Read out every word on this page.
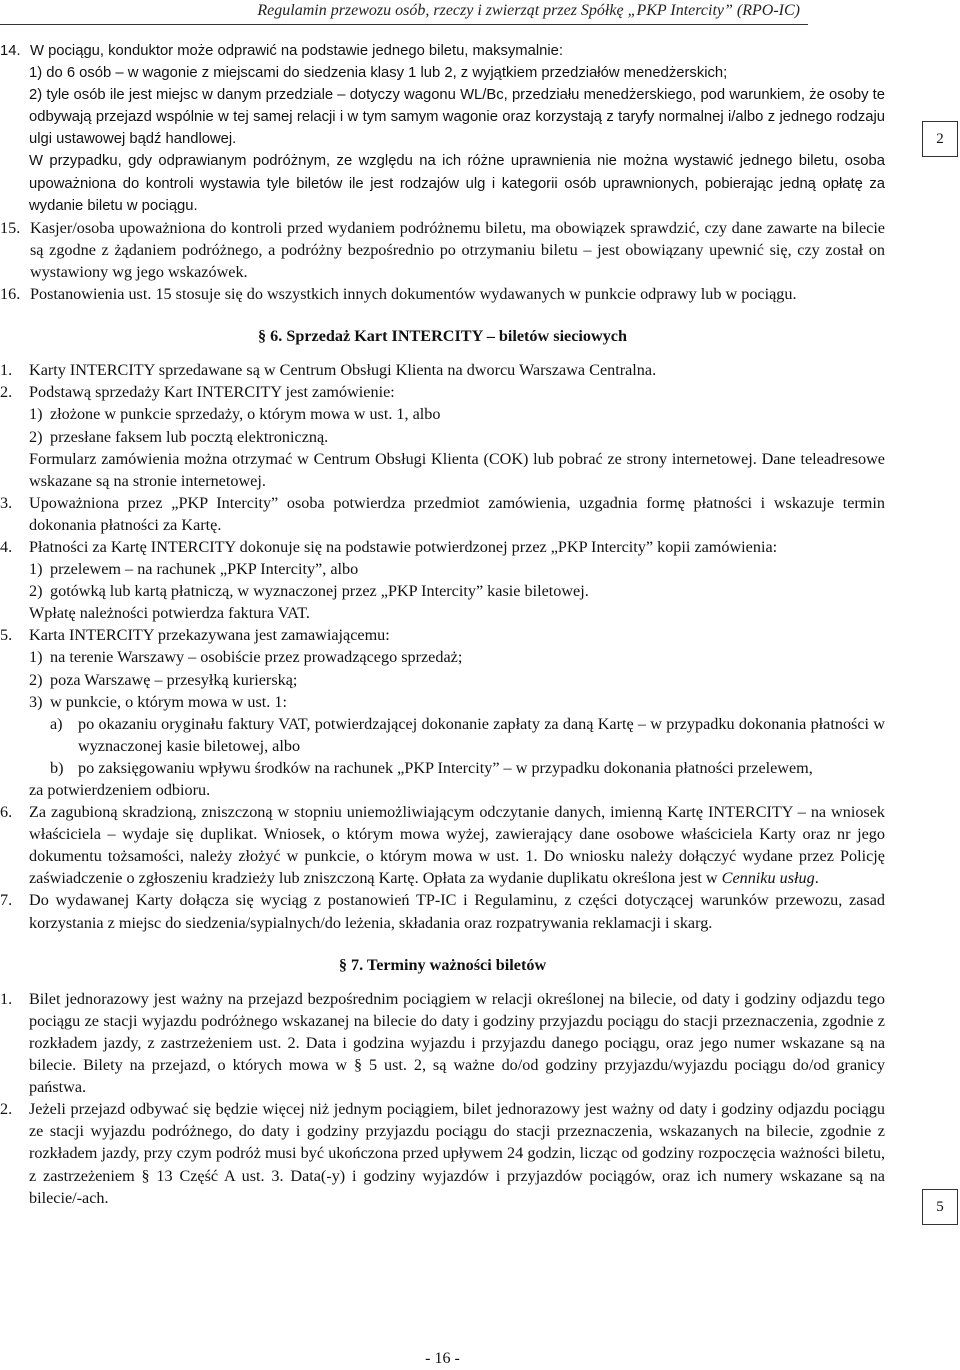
Regulamin przewozu osób, rzeczy i zwierząt przez Spółkę „PKP Intercity” (RPO-IC)
2
5
14. W pociągu, konduktor może odprawić na podstawie jednego biletu, maksymalnie:

1) do 6 osób – w wagonie z miejscami do siedzenia klasy 1 lub 2, z wyjątkiem przedziałów menedżerskich;

2) tyle osób ile jest miejsc w danym przedziale – dotyczy wagonu WL/Bc, przedziału menedżerskiego, pod warunkiem, że osoby te odbywają przejazd wspólnie w tej samej relacji i w tym samym wagonie oraz korzystają z taryfy normalnej i/albo z jednego rodzaju ulgi ustawowej bądź handlowej.

W przypadku, gdy odprawianym podróżnym, ze względu na ich różne uprawnienia nie można wystawić jednego biletu, osoba upoważniona do kontroli wystawia tyle biletów ile jest rodzajów ulg i kategorii osób uprawnionych, pobierając jedną opłatę za wydanie biletu w pociągu.

15. Kasjer/osoba upoważniona do kontroli przed wydaniem podróżnemu biletu, ma obowiązek sprawdzić, czy dane zawarte na bilecie są zgodne z żądaniem podróżnego, a podróżny bezpośrednio po otrzymaniu biletu – jest obowiązany upewnić się, czy został on wystawiony wg jego wskazówek.
16. Postanowienia ust. 15 stosuje się do wszystkich innych dokumentów wydawanych w punkcie odprawy lub w pociągu.
§ 6. Sprzedaż Kart INTERCITY – biletów sieciowych
1.	Karty INTERCITY sprzedawane są w Centrum Obsługi Klienta na dworcu Warszawa Centralna.
2.	Podstawą sprzedaży Kart INTERCITY jest zamówienie:
1) złożone w punkcie sprzedaży, o którym mowa w ust. 1, albo
2) przesłane faksem lub pocztą elektroniczną.

Formularz zamówienia można otrzymać w Centrum Obsługi Klienta (COK) lub pobrać ze strony internetowej. Dane teleadresowe wskazane są na stronie internetowej.

3.	Upoważniona przez „PKP Intercity” osoba potwierdza przedmiot zamówienia, uzgadnia formę płatności i wskazuje termin dokonania płatności za Kartę.
4.	Płatności za Kartę INTERCITY dokonuje się na podstawie potwierdzonej przez „PKP Intercity” kopii zamówienia:
1) przelewem – na rachunek „PKP Intercity”, albo
2) gotówką lub kartą płatniczą, w wyznaczonej przez „PKP Intercity” kasie biletowej.

Wpłatę należności potwierdza faktura VAT.

5.	Karta INTERCITY przekazywana jest zamawiającemu:
1) na terenie Warszawy – osobiście przez prowadzącego sprzedaż;
2) poza Warszawę – przesyłką kurierską;
3) w punkcie, o którym mowa w ust. 1:
a) po okazaniu oryginału faktury VAT, potwierdzającej dokonanie zapłaty za daną Kartę – w przypadku dokonania płatności w wyznaczonej kasie biletowej, albo
b) po zaksięgowaniu wpływu środków na rachunek „PKP Intercity” – w przypadku dokonania płatności przelewem,

za potwierdzeniem odbioru.

6.	Za zagubioną skradzioną, zniszczoną w stopniu uniemożliwiającym odczytanie danych, imienną Kartę INTERCITY – na wniosek właściciela – wydaje się duplikat. Wniosek, o którym mowa wyżej, zawierający dane osobowe właściciela Karty oraz nr jego dokumentu tożsamości, należy złożyć w punkcie, o którym mowa w ust. 1. Do wniosku należy dołączyć wydane przez Policję zaświadczenie o zgłoszeniu kradzieży lub zniszczoną Kartę. Opłata za wydanie duplikatu określona jest w Cenniku usług.
7.	Do wydawanej Karty dołącza się wyciąg z postanowień TP-IC i Regulaminu, z części dotyczącej warunków przewozu, zasad korzystania z miejsc do siedzenia/sypialnych/do leżenia, składania oraz rozpatrywania reklamacji i skarg.
§ 7. Terminy ważności biletów
1.	Bilet jednorazowy jest ważny na przejazd bezpośrednim pociągiem w relacji określonej na bilecie, od daty i godziny odjazdu tego pociągu ze stacji wyjazdu podróżnego wskazanej na bilecie do daty i godziny przyjazdu pociągu do stacji przeznaczenia, zgodnie z rozkładem jazdy, z zastrzeżeniem ust. 2. Data i godzina wyjazdu i przyjazdu danego pociągu, oraz jego numer wskazane są na bilecie. Bilety na przejazd, o których mowa w § 5 ust. 2, są ważne do/od godziny przyjazdu/wyjazdu pociągu do/od granicy państwa.
2.	Jeżeli przejazd odbywać się będzie więcej niż jednym pociągiem, bilet jednorazowy jest ważny od daty i godziny odjazdu pociągu ze stacji wyjazdu podróżnego, do daty i godziny przyjazdu pociągu do stacji przeznaczenia, wskazanych na bilecie, zgodnie z rozkładem jazdy, przy czym podróż musi być ukończona przed upływem 24 godzin, licząc od godziny rozpoczęcia ważności biletu, z zastrzeżeniem § 13 Część A ust. 3. Data(-y) i godziny wyjazdów i przyjazdów pociągów, oraz ich numery wskazane są na bilecie/-ach.
- 16 -
